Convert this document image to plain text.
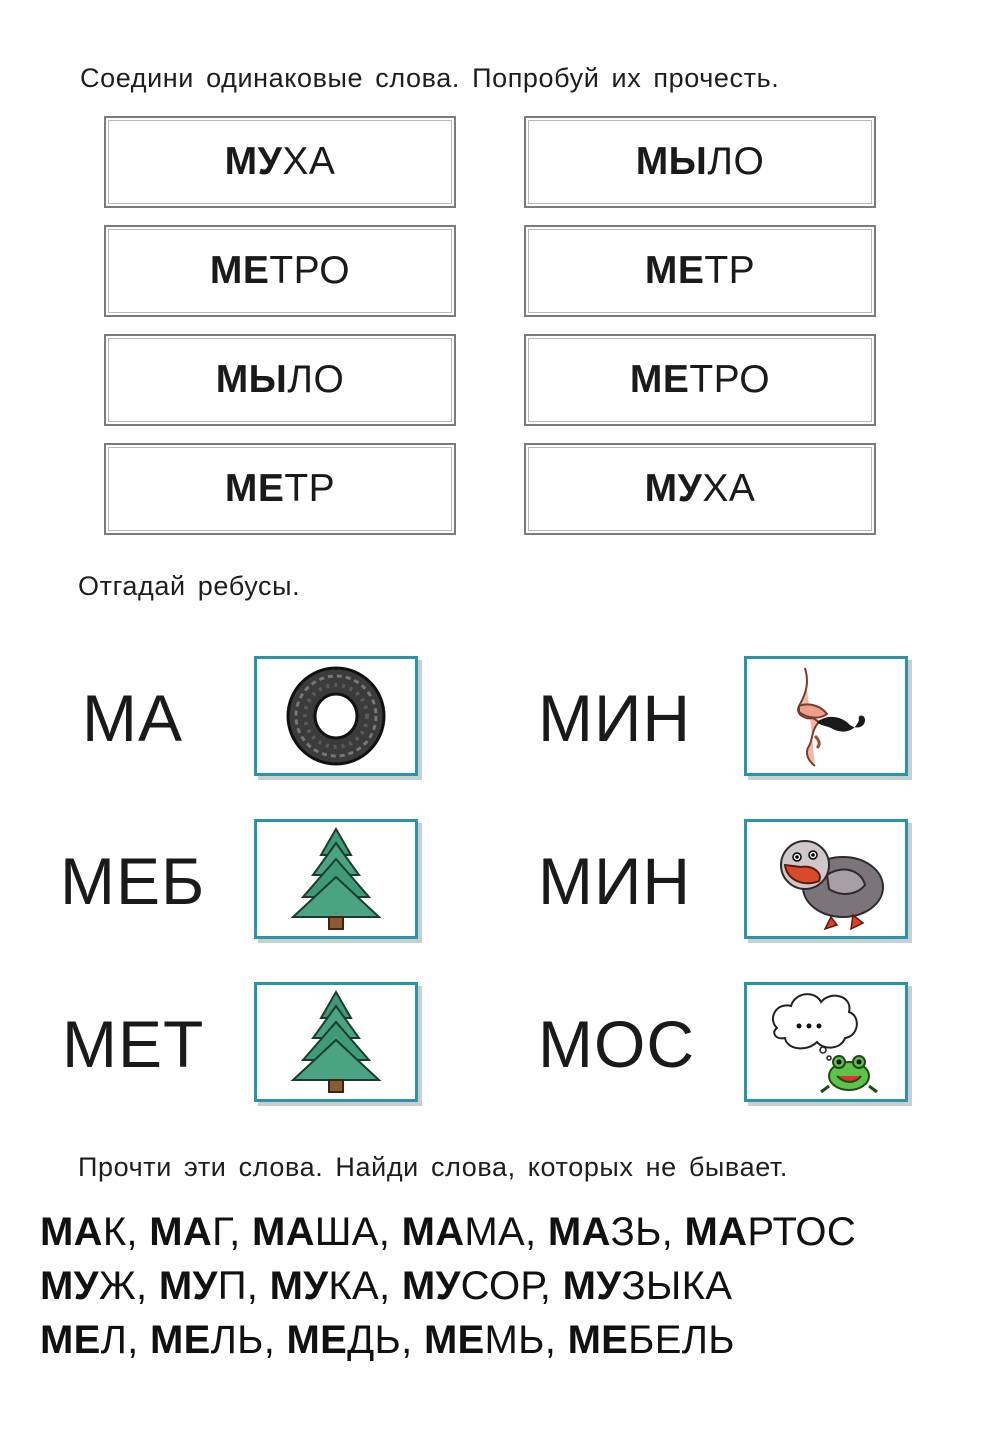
Соедини одинаковые слова. Попробуй их прочесть.
МУ ХА
МЕ ТРО
МЫ ЛО
МЕ ТР
МЫ ЛО
МЕ ТР
МЕ ТРО
МУ ХА
Отгадай ребусы.
МА	МИН
МЕБ	МИН
МЕТ	МОС
Прочти эти слова. Найди слова, которых не бывает.
МАК, МАГ, МАША, МАМА, МАЗЬ, МАРТОС
МУЖ, МУП, МУКА, МУСОР, МУЗЫКА
МЕЛ, МЕЛЬ, МЕДЬ, МЕМЬ, МЕБЕЛЬ
